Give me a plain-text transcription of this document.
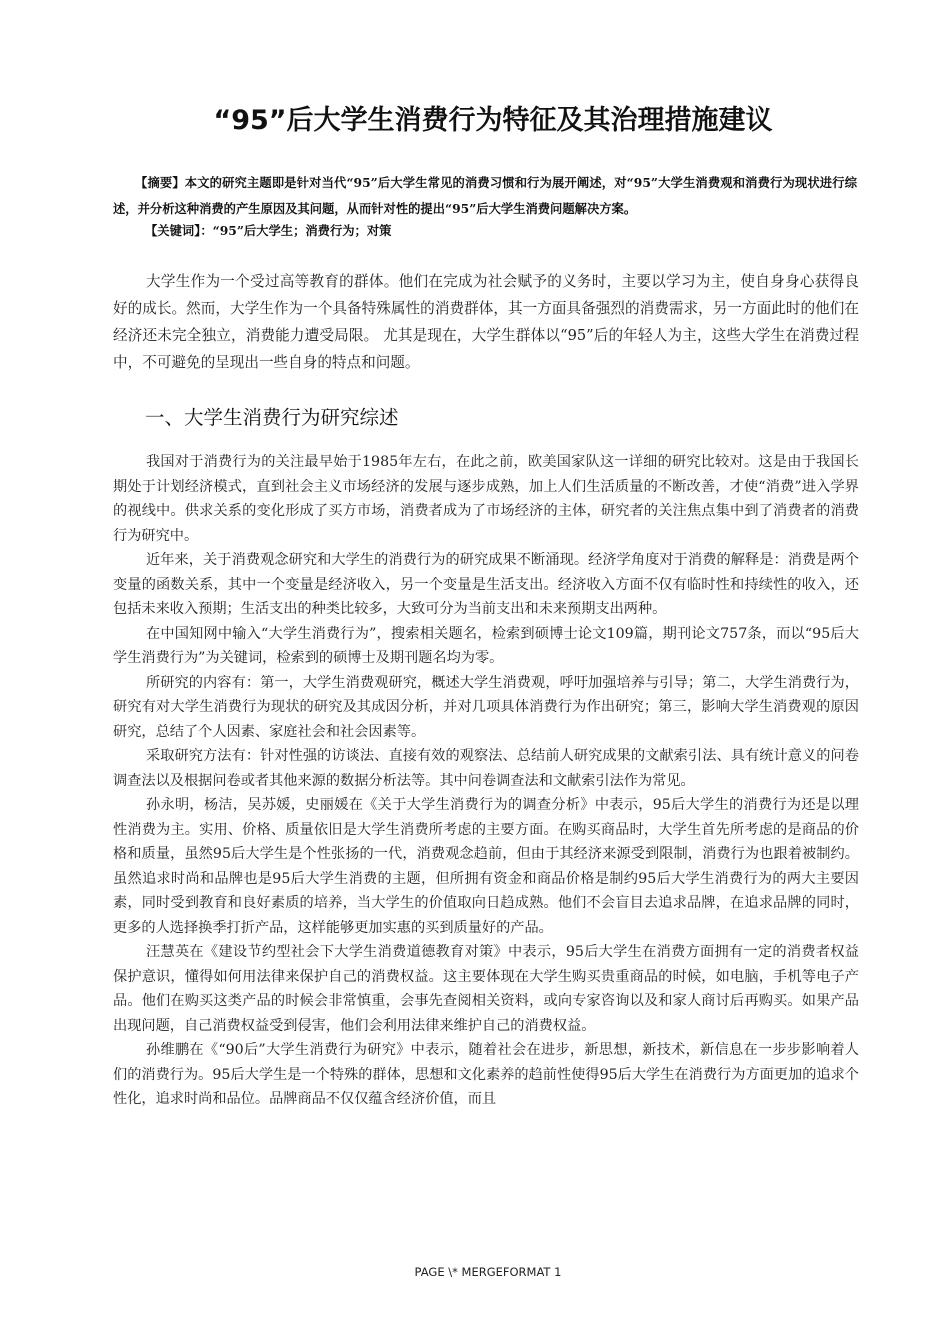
“95”后大学生消费行为特征及其治理措施建议

【摘要】本文的研究主题即是针对当代“95”后大学生常见的消费习惯和行为展开阐述，对“95”大学生消费观和消费行为现状进行综述，并分析这种消费的产生原因及其问题，从而针对性的提出“95”后大学生消费问题解决方案。

【关键词】：“95”后大学生；消费行为；对策

大学生作为一个受过高等教育的群体。他们在完成为社会赋予的义务时，主要以学习为主，使自身身心获得良好的成长。然而，大学生作为一个具备特殊属性的消费群体，其一方面具备强烈的消费需求，另一方面此时的他们在经济还未完全独立，消费能力遭受局限。 尤其是现在，大学生群体以“95”后的年轻人为主，这些大学生在消费过程中，不可避免的呈现出一些自身的特点和问题。

一、大学生消费行为研究综述

我国对于消费行为的关注最早始于1985年左右，在此之前，欧美国家队这一详细的研究比较对。这是由于我国长期处于计划经济模式，直到社会主义市场经济的发展与逐步成熟，加上人们生活质量的不断改善，才使“消费”进入学界的视线中。供求关系的变化形成了买方市场，消费者成为了市场经济的主体，研究者的关注焦点集中到了消费者的消费行为研究中。

近年来，关于消费观念研究和大学生的消费行为的研究成果不断涌现。经济学角度对于消费的解释是：消费是两个变量的函数关系，其中一个变量是经济收入，另一个变量是生活支出。经济收入方面不仅有临时性和持续性的收入，还包括未来收入预期；生活支出的种类比较多，大致可分为当前支出和未来预期支出两种。

在中国知网中输入“大学生消费行为”，搜索相关题名，检索到硕博士论文109篇，期刊论文757条，而以“95后大学生消费行为”为关键词，检索到的硕博士及期刊题名均为零。

所研究的内容有：第一，大学生消费观研究，概述大学生消费观，呼吁加强培养与引导；第二，大学生消费行为，研究有对大学生消费行为现状的研究及其成因分析，并对几项具体消费行为作出研究；第三，影响大学生消费观的原因研究，总结了个人因素、家庭社会和社会因素等。

采取研究方法有：针对性强的访谈法、直接有效的观察法、总结前人研究成果的文献索引法、具有统计意义的问卷调查法以及根据问卷或者其他来源的数据分析法等。其中问卷调查法和文献索引法作为常见。

孙永明，杨洁，吴苏媛，史丽媛在《关于大学生消费行为的调查分析》中表示，95后大学生的消费行为还是以理性消费为主。实用、价格、质量依旧是大学生消费所考虑的主要方面。在购买商品时，大学生首先所考虑的是商品的价格和质量，虽然95后大学生是个性张扬的一代，消费观念趋前，但由于其经济来源受到限制，消费行为也跟着被制约。虽然追求时尚和品牌也是95后大学生消费的主题，但所拥有资金和商品价格是制约95后大学生消费行为的两大主要因素，同时受到教育和良好素质的培养，当大学生的价值取向日趋成熟。他们不会盲目去追求品牌，在追求品牌的同时，更多的人选择换季打折产品，这样能够更加实惠的买到质量好的产品。

汪慧英在《建设节约型社会下大学生消费道德教育对策》中表示，95后大学生在消费方面拥有一定的消费者权益保护意识，懂得如何用法律来保护自己的消费权益。这主要体现在大学生购买贵重商品的时候，如电脑，手机等电子产品。他们在购买这类产品的时候会非常慎重，会事先查阅相关资料，或向专家咨询以及和家人商讨后再购买。如果产品出现问题，自己消费权益受到侵害，他们会利用法律来维护自己的消费权益。

孙维鹏在《“90后”大学生消费行为研究》中表示，随着社会在进步，新思想，新技术，新信息在一步步影响着人们的消费行为。95后大学生是一个特殊的群体，思想和文化素养的趋前性使得95后大学生在消费行为方面更加的追求个性化，追求时尚和品位。品牌商品不仅仅蕴含经济价值，而且

PAGE \* MERGEFORMAT 1
